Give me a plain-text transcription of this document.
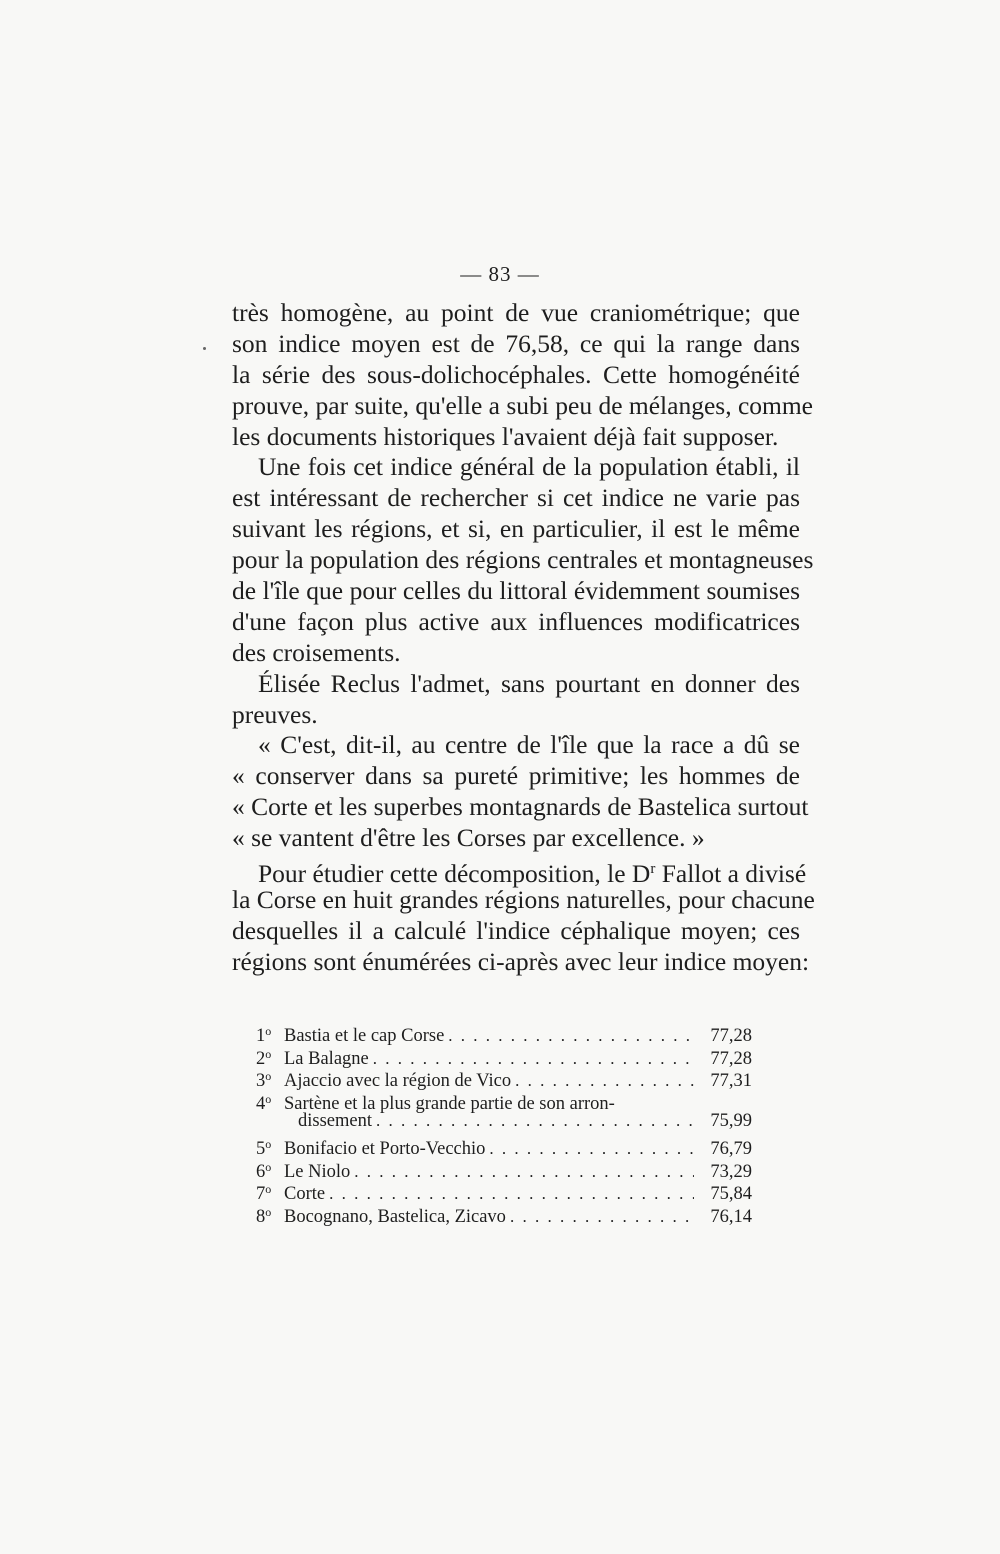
— 83 —
très homogène, au point de vue craniométrique; que
son indice moyen est de 76,58, ce qui la range dans
la série des sous-dolichocéphales. Cette homogénéité
prouve, par suite, qu'elle a subi peu de mélanges, comme
les documents historiques l'avaient déjà fait supposer.
Une fois cet indice général de la population établi, il
est intéressant de rechercher si cet indice ne varie pas
suivant les régions, et si, en particulier, il est le même
pour la population des régions centrales et montagneuses
de l'île que pour celles du littoral évidemment soumises
d'une façon plus active aux influences modificatrices
des croisements.
Élisée Reclus l'admet, sans pourtant en donner des
preuves.
« C'est, dit-il, au centre de l'île que la race a dû se
« conserver dans sa pureté primitive; les hommes de
« Corte et les superbes montagnards de Bastelica surtout
« se vantent d'être les Corses par excellence. »
Pour étudier cette décomposition, le $D^r$ Fallot a divisé
la Corse en huit grandes régions naturelles, pour chacune
desquelles il a calculé l'indice céphalique moyen; ces
régions sont énumérées ci-après avec leur indice moyen:
1$^o$ Bastia et le cap Corse . . .	77,28
2$^o$ La Balagne . . .	77,28
3$^o$ Ajaccio avec la région de Vico . . .	77,31
4$^o$ Sartène et la plus grande partie de son arron-
dissement . . .	75,99
5$^o$ Bonifacio et Porto-Vecchio . . .	76,79
6$^o$ Le Niolo . . .	73,29
7$^o$ Corte . . .	75,84
8$^o$ Bocognano, Bastelica, Zicavo . . .	76,14
